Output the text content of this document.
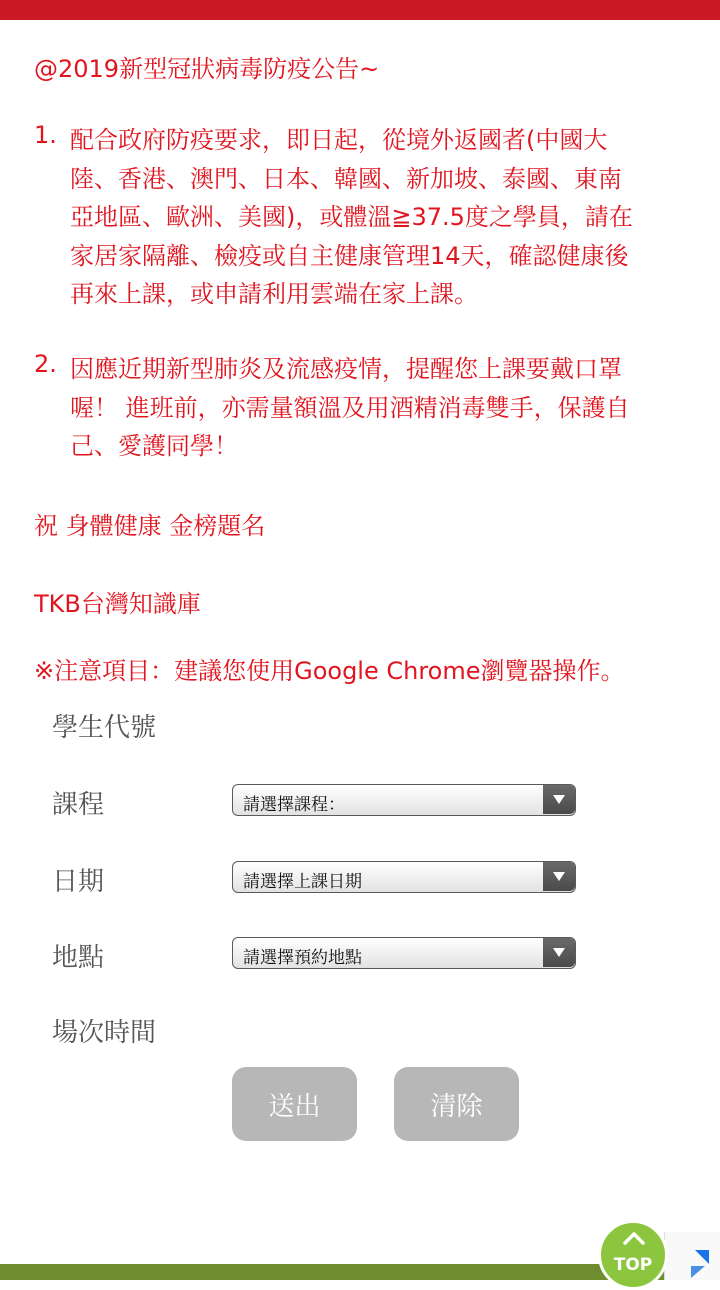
@2019新型冠狀病毒防疫公告~
1. 配合政府防疫要求，即日起，從境外返國者(中國大
陸、香港、澳門、日本、韓國、新加坡、泰國、東南
亞地區、歐洲、美國)，或體溫≧37.5度之學員，請在
家居家隔離、檢疫或自主健康管理14天，確認健康後
再來上課，或申請利用雲端在家上課。
2. 因應近期新型肺炎及流感疫情，提醒您上課要戴口罩
喔！ 進班前，亦需量額溫及用酒精消毒雙手，保護自
己、愛護同學！
祝 身體健康 金榜題名
TKB台灣知識庫
※注意項目：建議您使用Google Chrome瀏覽器操作。
學生代號
課程	請選擇課程：
日期	請選擇上課日期
地點	請選擇預約地點
場次時間
送出	清除
TOP
